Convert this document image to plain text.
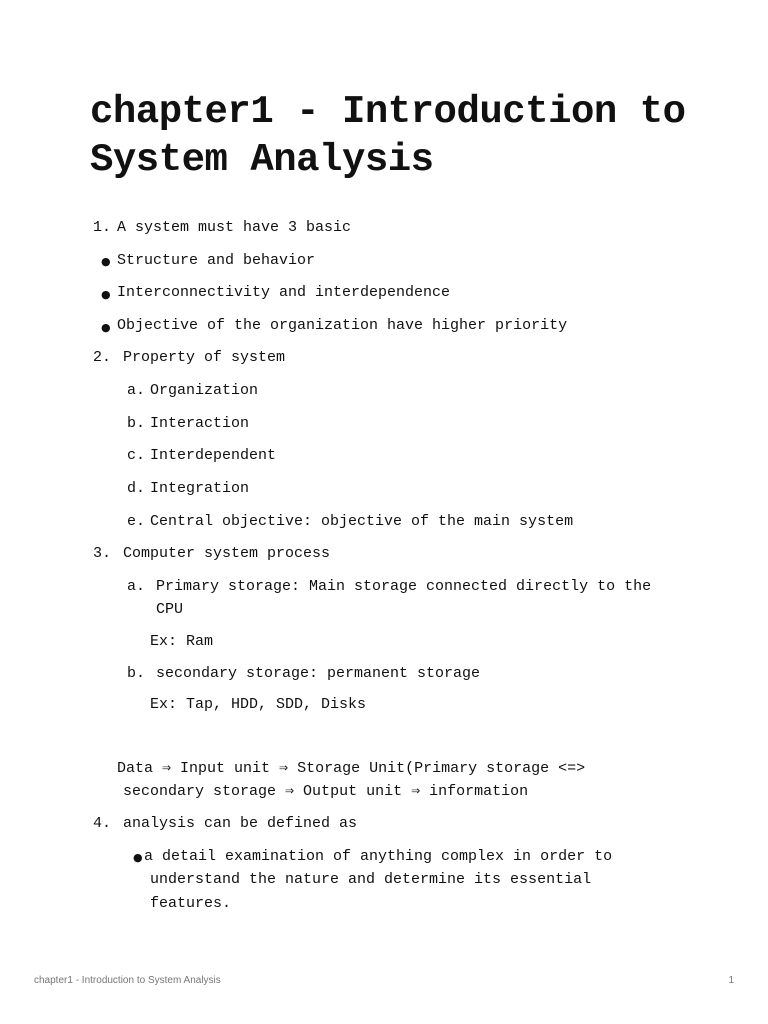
chapter1 - Introduction to System Analysis
1. A system must have 3 basic
● Structure and behavior
● Interconnectivity and interdependence
● Objective of the organization have higher priority
2. Property of system
a. Organization
b. Interaction
c. Interdependent
d. Integration
e. Central objective: objective of the main system
3. Computer system process
a. Primary storage: Main storage connected directly to the
CPU
Ex: Ram
b. secondary storage: permanent storage
Ex: Tap, HDD, SDD, Disks
Data ⇒ Input unit ⇒ Storage Unit(Primary storage <=>
secondary storage ⇒ Output unit ⇒ information
4. analysis can be defined as
● a detail examination of anything complex in order to
understand the nature and determine its essential
features.
chapter1 - Introduction to System Analysis	1
